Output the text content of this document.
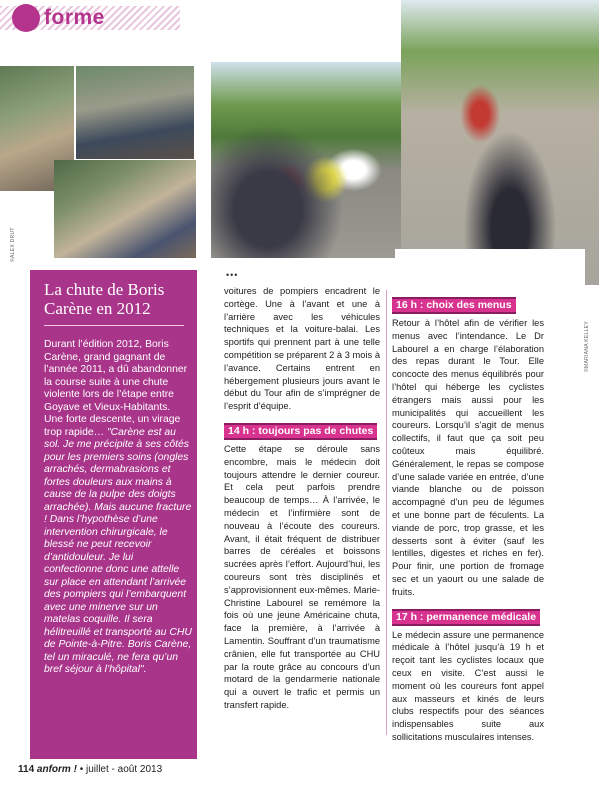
forme
©ALEX DRUT
©MARIANA KELLEY
La chute de Boris Carène en 2012
Durant l’édition 2012, Boris Carène, grand gagnant de l’année 2011, a dû abandonner la course suite à une chute violente lors de l’étape entre Goyave et Vieux-Habitants. Une forte descente, un virage trop rapide… "Carène est au sol. Je me précipite à ses côtés pour les premiers soins (ongles arrachés, dermabrasions et fortes douleurs aux mains à cause de la pulpe des doigts arrachée). Mais aucune fracture ! Dans l’hypothèse d’une intervention chirurgicale, le blessé ne peut recevoir d’antidouleur. Je lui confectionne donc une attelle sur place en attendant l’arrivée des pompiers qui l’embarquent avec une minerve sur un matelas coquille. Il sera hélitreuillé et transporté au CHU de Pointe-à-Pitre. Boris Carène, tel un miraculé, ne fera qu’un bref séjour à l’hôpital".
•••

voitures de pompiers encadrent le cortège. Une à l’avant et une à l’arrière avec les véhicules techniques et la voiture-balai. Les sportifs qui prennent part à une telle compétition se préparent 2 à 3 mois à l’avance. Certains entrent en hébergement plusieurs jours avant le début du Tour afin de s’imprégner de l’esprit d’équipe.

14 h : toujours pas de chutes

Cette étape se déroule sans encombre, mais le médecin doit toujours attendre le dernier coureur. Et cela peut parfois prendre beaucoup de temps… À l’arrivée, le médecin et l’infirmière sont de nouveau à l’écoute des coureurs. Avant, il était fréquent de distribuer barres de céréales et boissons sucrées après l’effort. Aujourd’hui, les coureurs sont très disciplinés et s’approvisionnent eux-mêmes. Marie-Christine Labourel se remémore la fois où une jeune Américaine chuta, face la première, à l’arrivée à Lamentin. Souffrant d’un traumatisme crânien, elle fut transportée au CHU par la route grâce au concours d’un motard de la gendarmerie nationale qui a ouvert le trafic et permis un transfert rapide.

16 h : choix des menus

Retour à l’hôtel afin de vérifier les menus avec l’intendance. Le Dr Labourel a en charge l’élaboration des repas durant le Tour. Elle concocte des menus équilibrés pour l’hôtel qui héberge les cyclistes étrangers mais aussi pour les municipalités qui accueillent les coureurs. Lorsqu’il s’agit de menus collectifs, il faut que ça soit peu coûteux mais équilibré. Généralement, le repas se compose d’une salade variée en entrée, d’une viande blanche ou de poisson accompagné d’un peu de légumes et une bonne part de féculents. La viande de porc, trop grasse, et les desserts sont à éviter (sauf les lentilles, digestes et riches en fer). Pour finir, une portion de fromage sec et un yaourt ou une salade de fruits.

17 h : permanence médicale

Le médecin assure une permanence médicale à l’hôtel jusqu’à 19 h et reçoit tant les cyclistes locaux que ceux en visite. C’est aussi le moment où les coureurs font appel aux masseurs et kinés de leurs clubs respectifs pour des séances indispensables suite aux sollicitations musculaires intenses.

114 anform ! • juillet - août 2013
